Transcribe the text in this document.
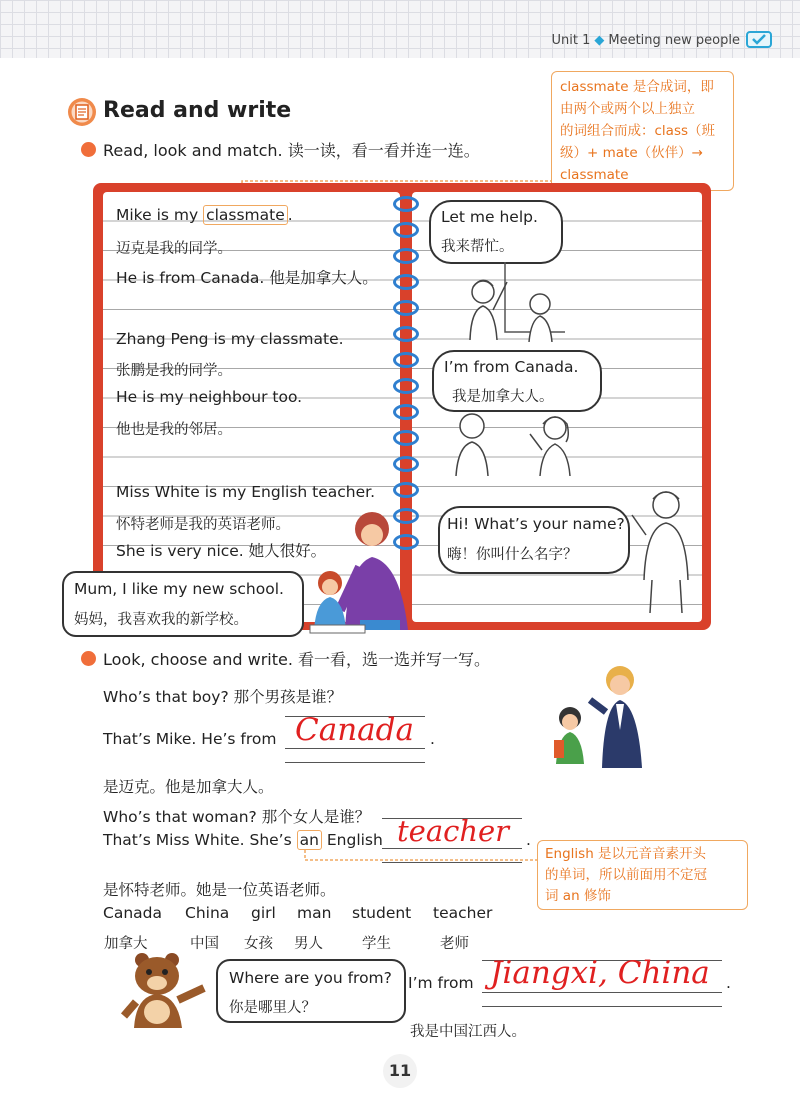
Unit 1 ◆ Meeting new people
Read and write
Read, look and match. 读一读，看一看并连一连。
classmate 是合成词，即
由两个或两个以上独立
的词组合而成：class（班
级）+ mate（伙伴）→
classmate
Mike is my classmate .
迈克是我的同学。
He is from Canada. 他是加拿大人。
Zhang Peng is my classmate.
张鹏是我的同学。
He is my neighbour too.
他也是我的邻居。
Miss White is my English teacher.
怀特老师是我的英语老师。
She is very nice. 她人很好。
Let me help.
我来帮忙。
I’m from Canada.
我是加拿大人。
Hi! What’s your name?
嗨！你叫什么名字？
Mum, I like my new school.
妈妈，我喜欢我的新学校。
Look, choose and write. 看一看，选一选并写一写。
Who’s that boy? 那个男孩是谁？
That’s Mike. He’s from Canada .
是迈克。他是加拿大人。
Who’s that woman? 那个女人是谁？
That’s Miss White. She’s an English teacher .
English 是以元音音素开头
的单词，所以前面用不定冠
词 an 修饰
是怀特老师。她是一位英语老师。
Canada China girl man student teacher
加拿大	中国 女孩 男人	学生	老师
Where are you from?
你是哪里人？
I’m from Jiangxi, China .
我是中国江西人。
11
